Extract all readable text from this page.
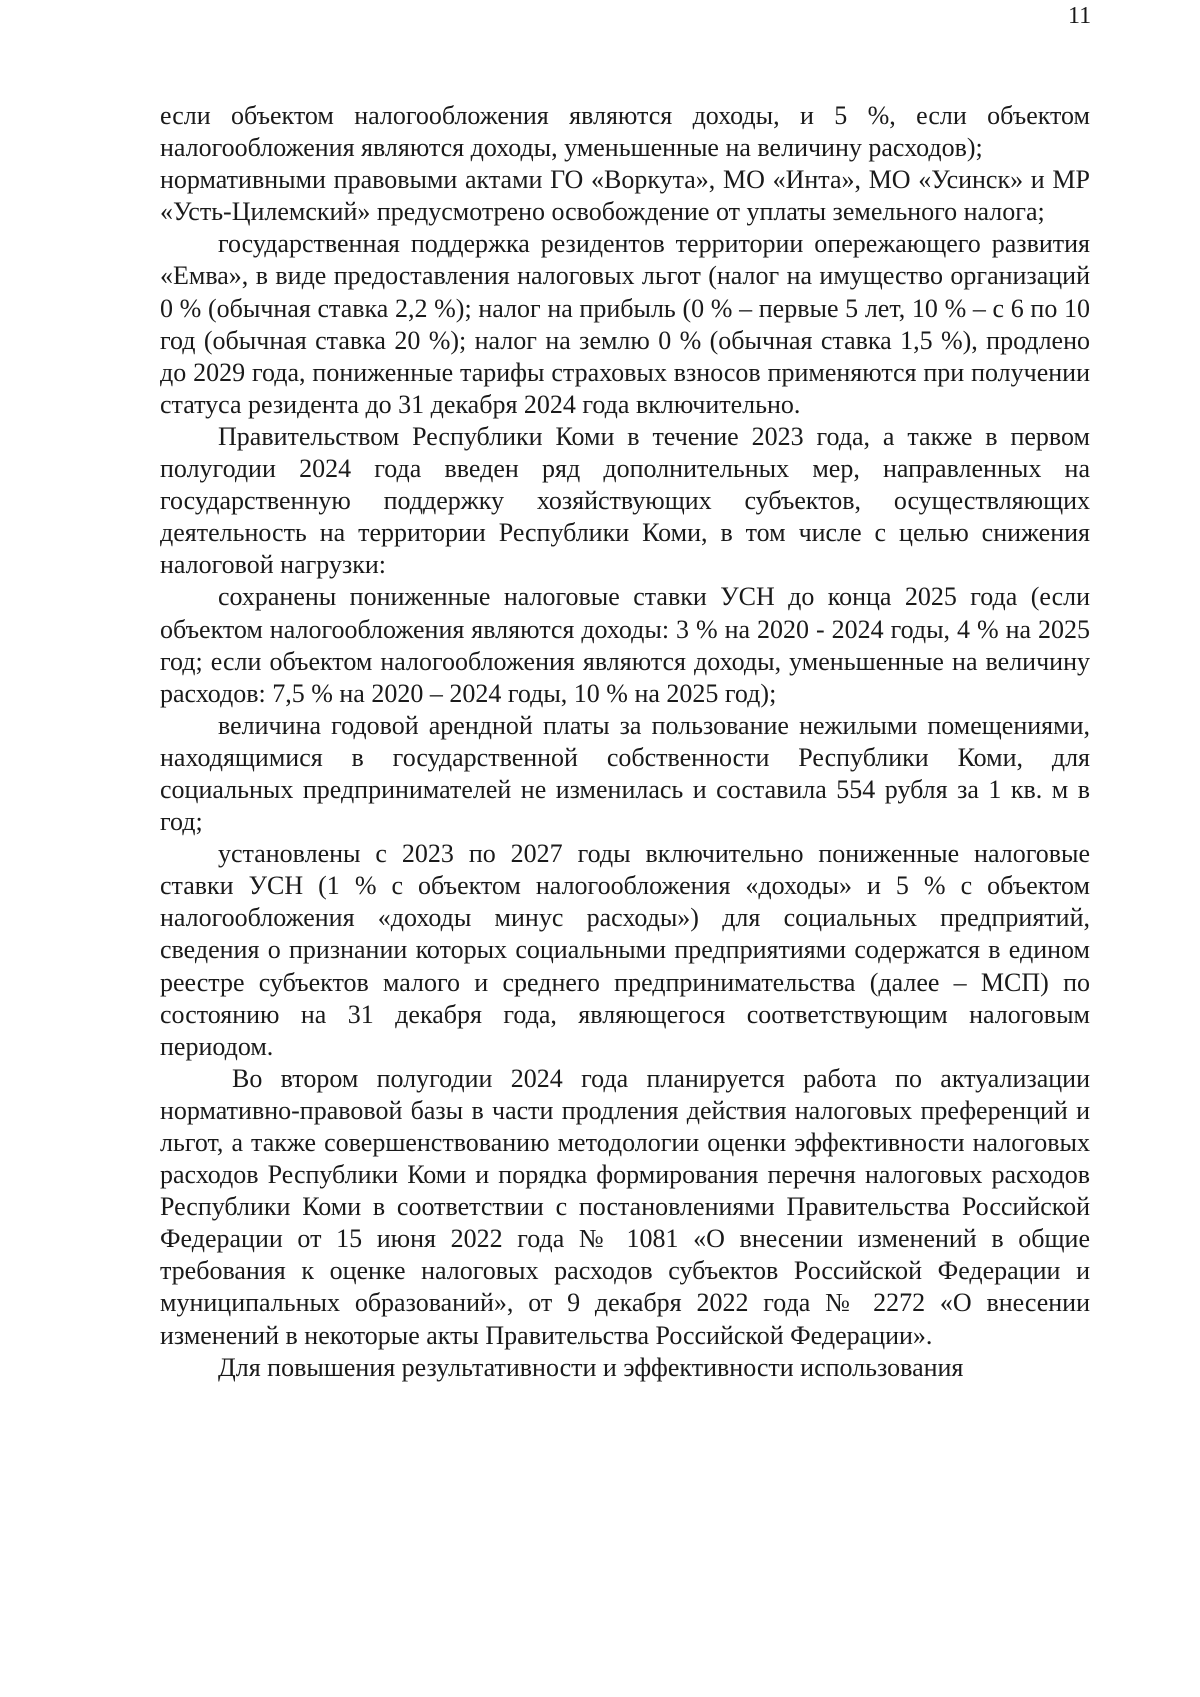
11

если объектом налогообложения являются доходы, и 5 %, если объектом налогообложения являются доходы, уменьшенные на величину расходов);

нормативными правовыми актами ГО «Воркута», МО «Инта», МО «Усинск» и МР «Усть-Цилемский» предусмотрено освобождение от уплаты земельного налога;

государственная поддержка резидентов территории опережающего развития «Емва», в виде предоставления налоговых льгот (налог на имущество организаций 0 % (обычная ставка 2,2 %); налог на прибыль (0 % – первые 5 лет, 10 % – с 6 по 10 год (обычная ставка 20 %); налог на землю 0 % (обычная ставка 1,5 %), продлено до 2029 года, пониженные тарифы страховых взносов применяются при получении статуса резидента до 31 декабря 2024 года включительно.

Правительством Республики Коми в течение 2023 года, а также в первом полугодии 2024 года введен ряд дополнительных мер, направленных на государственную поддержку хозяйствующих субъектов, осуществляющих деятельность на территории Республики Коми, в том числе с целью снижения налоговой нагрузки:

сохранены пониженные налоговые ставки УСН до конца 2025 года (если объектом налогообложения являются доходы: 3 % на 2020 - 2024 годы, 4 % на 2025 год; если объектом налогообложения являются доходы, уменьшенные на величину расходов: 7,5 % на 2020 – 2024 годы, 10 % на 2025 год);

величина годовой арендной платы за пользование нежилыми помещениями, находящимися в государственной собственности Республики Коми, для социальных предпринимателей не изменилась и составила 554 рубля за 1 кв. м в год;

установлены с 2023 по 2027 годы включительно пониженные налоговые ставки УСН (1 % с объектом налогообложения «доходы» и 5 % с объектом налогообложения «доходы минус расходы») для социальных предприятий, сведения о признании которых социальными предприятиями содержатся в едином реестре субъектов малого и среднего предпринимательства (далее – МСП) по состоянию на 31 декабря года, являющегося соответствующим налоговым периодом.

Во втором полугодии 2024 года планируется работа по актуализации нормативно-правовой базы в части продления действия налоговых преференций и льгот, а также совершенствованию методологии оценки эффективности налоговых расходов Республики Коми и порядка формирования перечня налоговых расходов Республики Коми в соответствии с постановлениями Правительства Российской Федерации от 15 июня 2022 года № 1081 «О внесении изменений в общие требования к оценке налоговых расходов субъектов Российской Федерации и муниципальных образований», от 9 декабря 2022 года № 2272 «О внесении изменений в некоторые акты Правительства Российской Федерации».

Для повышения результативности и эффективности использования
